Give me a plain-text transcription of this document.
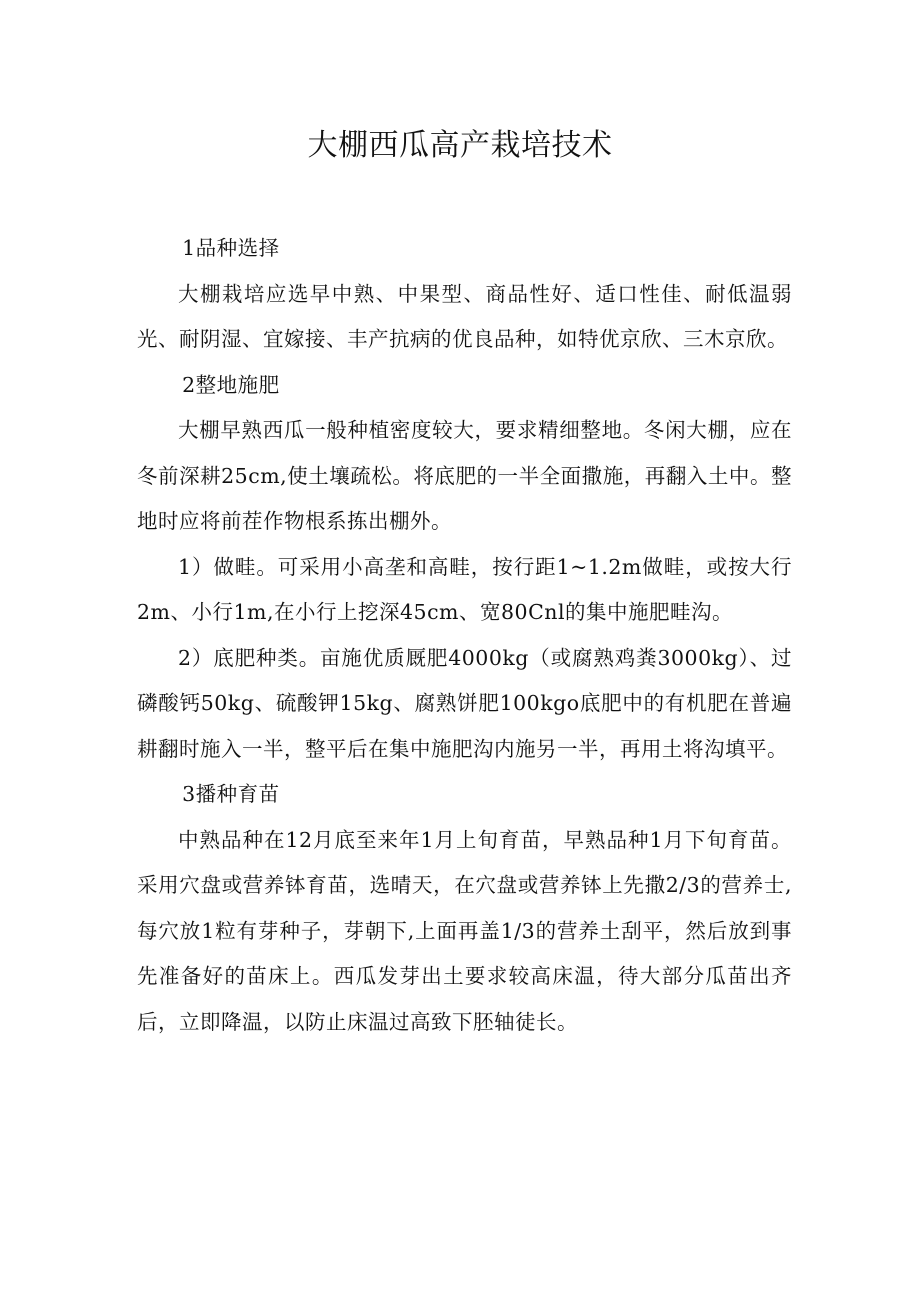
大棚西瓜高产栽培技术

1品种选择

大棚栽培应选早中熟、中果型、商品性好、适口性佳、耐低温弱光、耐阴湿、宜嫁接、丰产抗病的优良品种，如特优京欣、三木京欣。

2整地施肥

大棚早熟西瓜一般种植密度较大，要求精细整地。冬闲大棚，应在冬前深耕25cm,使土壤疏松。将底肥的一半全面撒施，再翻入土中。整地时应将前茬作物根系拣出棚外。

1）做畦。可采用小高垄和高畦，按行距1~1.2m做畦，或按大行2m、小行1m,在小行上挖深45cm、宽80Cnl的集中施肥畦沟。

2）底肥种类。亩施优质厩肥4000kg（或腐熟鸡粪3000kg）、过磷酸钙50kg、硫酸钾15kg、腐熟饼肥100kgo底肥中的有机肥在普遍耕翻时施入一半，整平后在集中施肥沟内施另一半，再用土将沟填平。

3播种育苗

中熟品种在12月底至来年1月上旬育苗，早熟品种1月下旬育苗。采用穴盘或营养钵育苗，选晴天，在穴盘或营养钵上先撒2/3的营养士,每穴放1粒有芽种子，芽朝下,上面再盖1/3的营养土刮平，然后放到事先准备好的苗床上。西瓜发芽出土要求较高床温，待大部分瓜苗出齐后，立即降温，以防止床温过高致下胚轴徒长。
